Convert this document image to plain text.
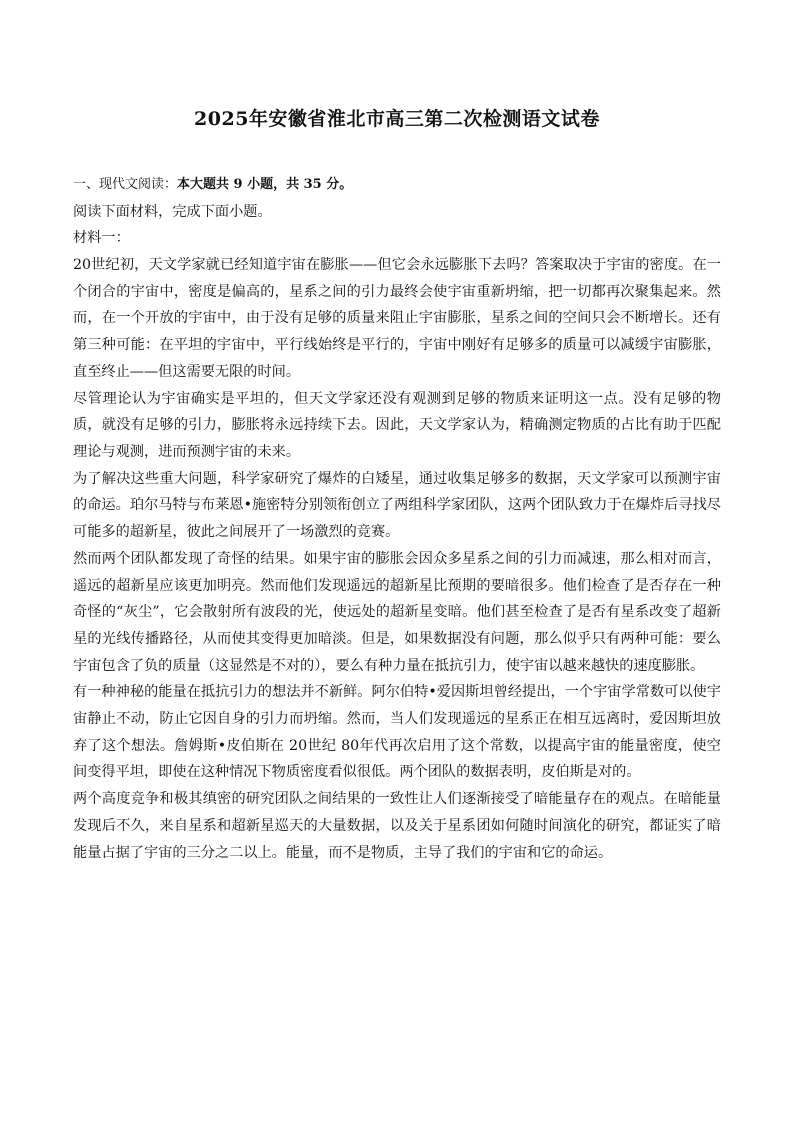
2025年安徽省淮北市高三第二次检测语文试卷
一、现代文阅读：本大题共 9 小题，共 35 分。
阅读下面材料，完成下面小题。
材料一：

20世纪初，天文学家就已经知道宇宙在膨胀——但它会永远膨胀下去吗？答案取决于宇宙的密度。在一个闭合的宇宙中，密度是偏高的，星系之间的引力最终会使宇宙重新坍缩，把一切都再次聚集起来。然而，在一个开放的宇宙中，由于没有足够的质量来阻止宇宙膨胀，星系之间的空间只会不断增长。还有第三种可能：在平坦的宇宙中，平行线始终是平行的，宇宙中刚好有足够多的质量可以减缓宇宙膨胀，直至终止——但这需要无限的时间。

尽管理论认为宇宙确实是平坦的，但天文学家还没有观测到足够的物质来证明这一点。没有足够的物质，就没有足够的引力，膨胀将永远持续下去。因此，天文学家认为，精确测定物质的占比有助于匹配理论与观测，进而预测宇宙的未来。

为了解决这些重大问题，科学家研究了爆炸的白矮星，通过收集足够多的数据，天文学家可以预测宇宙的命运。珀尔马特与布莱恩•施密特分别领衔创立了两组科学家团队，这两个团队致力于在爆炸后寻找尽可能多的超新星，彼此之间展开了一场激烈的竞赛。

然而两个团队都发现了奇怪的结果。如果宇宙的膨胀会因众多星系之间的引力而减速，那么相对而言，遥远的超新星应该更加明亮。然而他们发现遥远的超新星比预期的要暗很多。他们检查了是否存在一种奇怪的“灰尘”，它会散射所有波段的光，使远处的超新星变暗。他们甚至检查了是否有星系改变了超新星的光线传播路径，从而使其变得更加暗淡。但是，如果数据没有问题，那么似乎只有两种可能：要么宇宙包含了负的质量（这显然是不对的），要么有种力量在抵抗引力，使宇宙以越来越快的速度膨胀。

有一种神秘的能量在抵抗引力的想法并不新鲜。阿尔伯特•爱因斯坦曾经提出，一个宇宙学常数可以使宇宙静止不动，防止它因自身的引力而坍缩。然而，当人们发现遥远的星系正在相互远离时，爱因斯坦放弃了这个想法。詹姆斯•皮伯斯在 20世纪 80年代再次启用了这个常数，以提高宇宙的能量密度，使空间变得平坦，即使在这种情况下物质密度看似很低。两个团队的数据表明，皮伯斯是对的。

两个高度竞争和极其缜密的研究团队之间结果的一致性让人们逐渐接受了暗能量存在的观点。在暗能量发现后不久，来自星系和超新星巡天的大量数据，以及关于星系团如何随时间演化的研究，都证实了暗能量占据了宇宙的三分之二以上。能量，而不是物质，主导了我们的宇宙和它的命运。
